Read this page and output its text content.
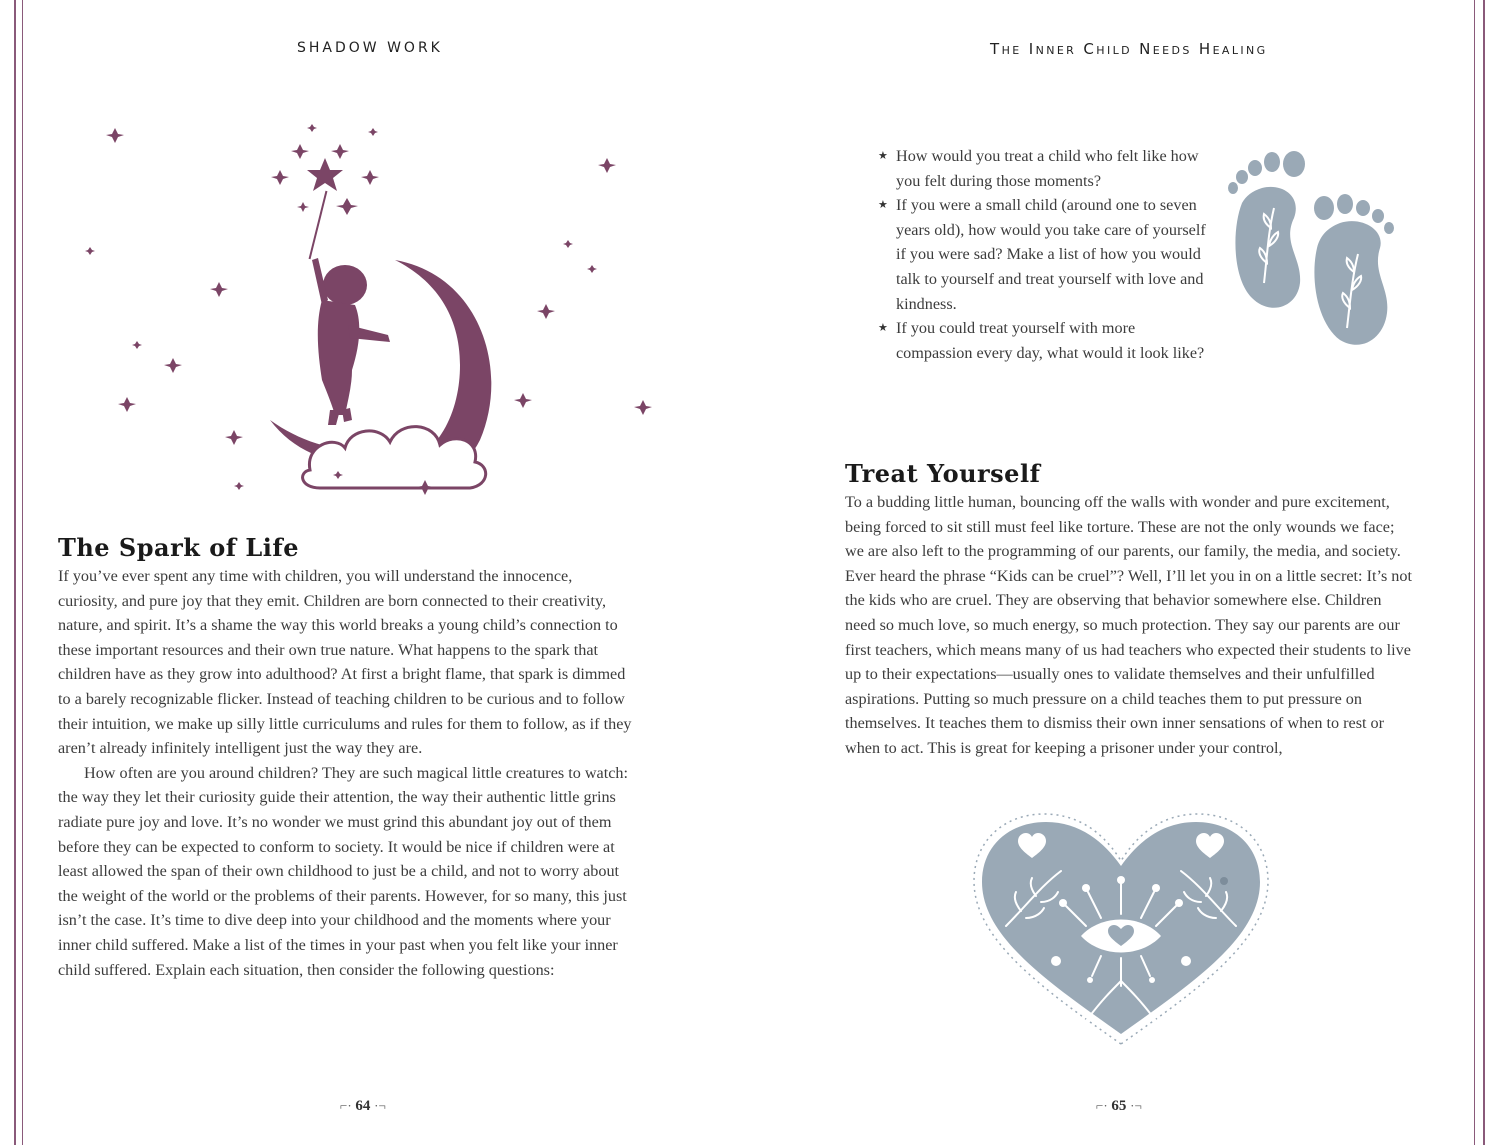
SHADOW WORK
The Spark of Life

If you’ve ever spent any time with children, you will understand the innocence, curiosity, and pure joy that they emit. Children are born connected to their creativity, nature, and spirit. It’s a shame the way this world breaks a young child’s connection to these important resources and their own true nature. What happens to the spark that children have as they grow into adulthood? At first a bright flame, that spark is dimmed to a barely recognizable flicker. Instead of teaching children to be curious and to follow their intuition, we make up silly little curriculums and rules for them to follow, as if they aren’t already infinitely intelligent just the way they are.

How often are you around children? They are such magical little creatures to watch: the way they let their curiosity guide their attention, the way their authentic little grins radiate pure joy and love. It’s no wonder we must grind this abundant joy out of them before they can be expected to conform to society. It would be nice if children were at least allowed the span of their own childhood to just be a child, and not to worry about the weight of the world or the problems of their parents. However, for so many, this just isn’t the case. It’s time to dive deep into your childhood and the moments where your inner child suffered. Make a list of the times in your past when you felt like your inner child suffered. Explain each situation, then consider the following questions:

⌐· 64 ·¬
The Inner Child Needs Healing
★ How would you treat a child who felt like how you felt during those moments?
★ If you were a small child (around one to seven years old), how would you take care of yourself if you were sad? Make a list of how you would talk to yourself and treat yourself with love and kindness.
★ If you could treat yourself with more compassion every day, what would it look like?
Treat Yourself

To a budding little human, bouncing off the walls with wonder and pure excitement, being forced to sit still must feel like torture. These are not the only wounds we face; we are also left to the programming of our parents, our family, the media, and society. Ever heard the phrase “Kids can be cruel”? Well, I’ll let you in on a little secret: It’s not the kids who are cruel. They are observing that behavior somewhere else. Children need so much love, so much energy, so much protection. They say our parents are our first teachers, which means many of us had teachers who expected their students to live up to their expectations—usually ones to validate themselves and their unfulfilled aspirations. Putting so much pressure on a child teaches them to put pressure on themselves. It teaches them to dismiss their own inner sensations of when to rest or when to act. This is great for keeping a prisoner under your control,

⌐· 65 ·¬
